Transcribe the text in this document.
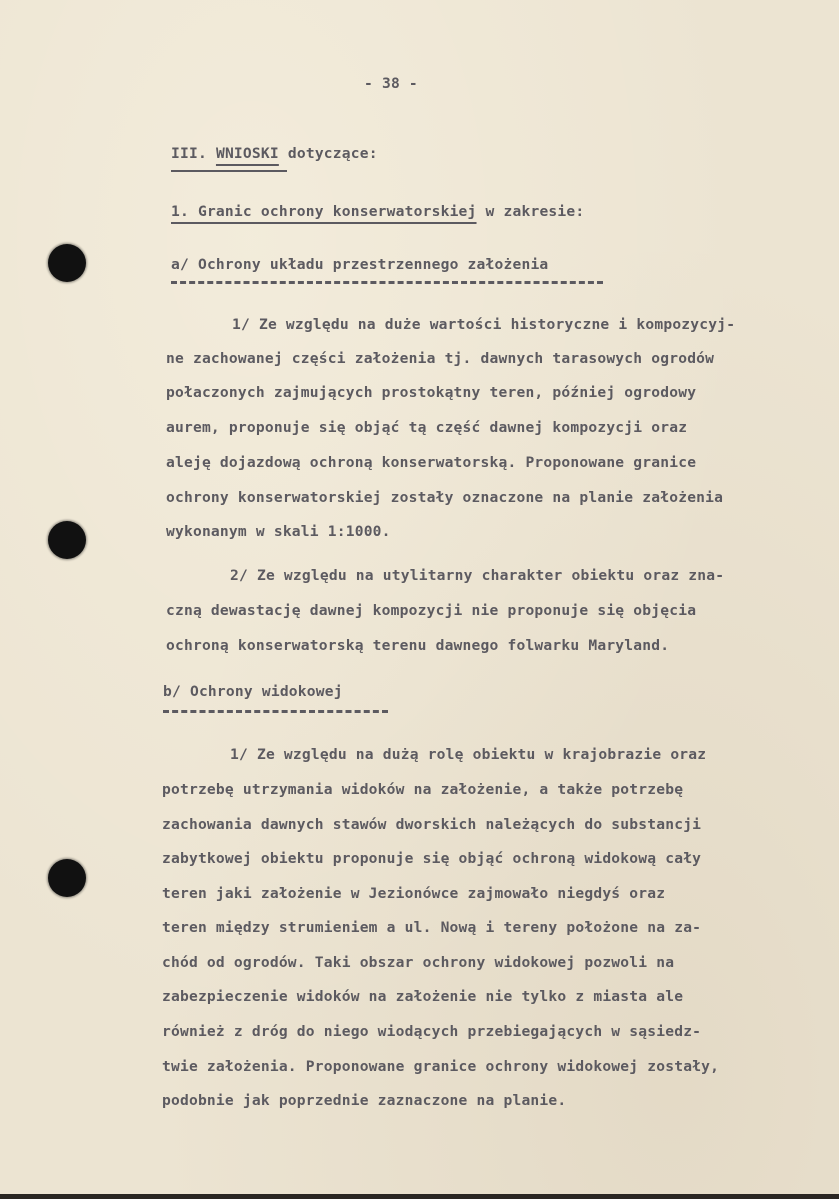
- 38 -
III. WNIOSKI dotyczące:
1. Granic ochrony konserwatorskiej w zakresie:
a/ Ochrony układu przestrzennego założenia
1/ Ze względu na duże wartości historyczne i kompozycyj-
ne zachowanej części założenia tj. dawnych tarasowych ogrodów
połaczonych zajmujących prostokątny teren, później ogrodowy
aurem, proponuje się objąć tą część dawnej kompozycji oraz
aleję dojazdową ochroną konserwatorską. Proponowane granice
ochrony konserwatorskiej zostały oznaczone na planie założenia
wykonanym w skali 1:1000.
2/ Ze względu na utylitarny charakter obiektu oraz zna-
czną dewastację dawnej kompozycji nie proponuje się objęcia
ochroną konserwatorską terenu dawnego folwarku Maryland.
b/ Ochrony widokowej
1/ Ze względu na dużą rolę obiektu w krajobrazie oraz
potrzebę utrzymania widoków na założenie, a także potrzebę
zachowania dawnych stawów dworskich należących do substancji
zabytkowej obiektu proponuje się objąć ochroną widokową cały
teren jaki założenie w Jezionówce zajmowało niegdyś oraz
teren między strumieniem a ul. Nową i tereny położone na za-
chód od ogrodów. Taki obszar ochrony widokowej pozwoli na
zabezpieczenie widoków na założenie nie tylko z miasta ale
również z dróg do niego wiodących przebiegających w sąsiedz-
twie założenia. Proponowane granice ochrony widokowej zostały,
podobnie jak poprzednie zaznaczone na planie.
